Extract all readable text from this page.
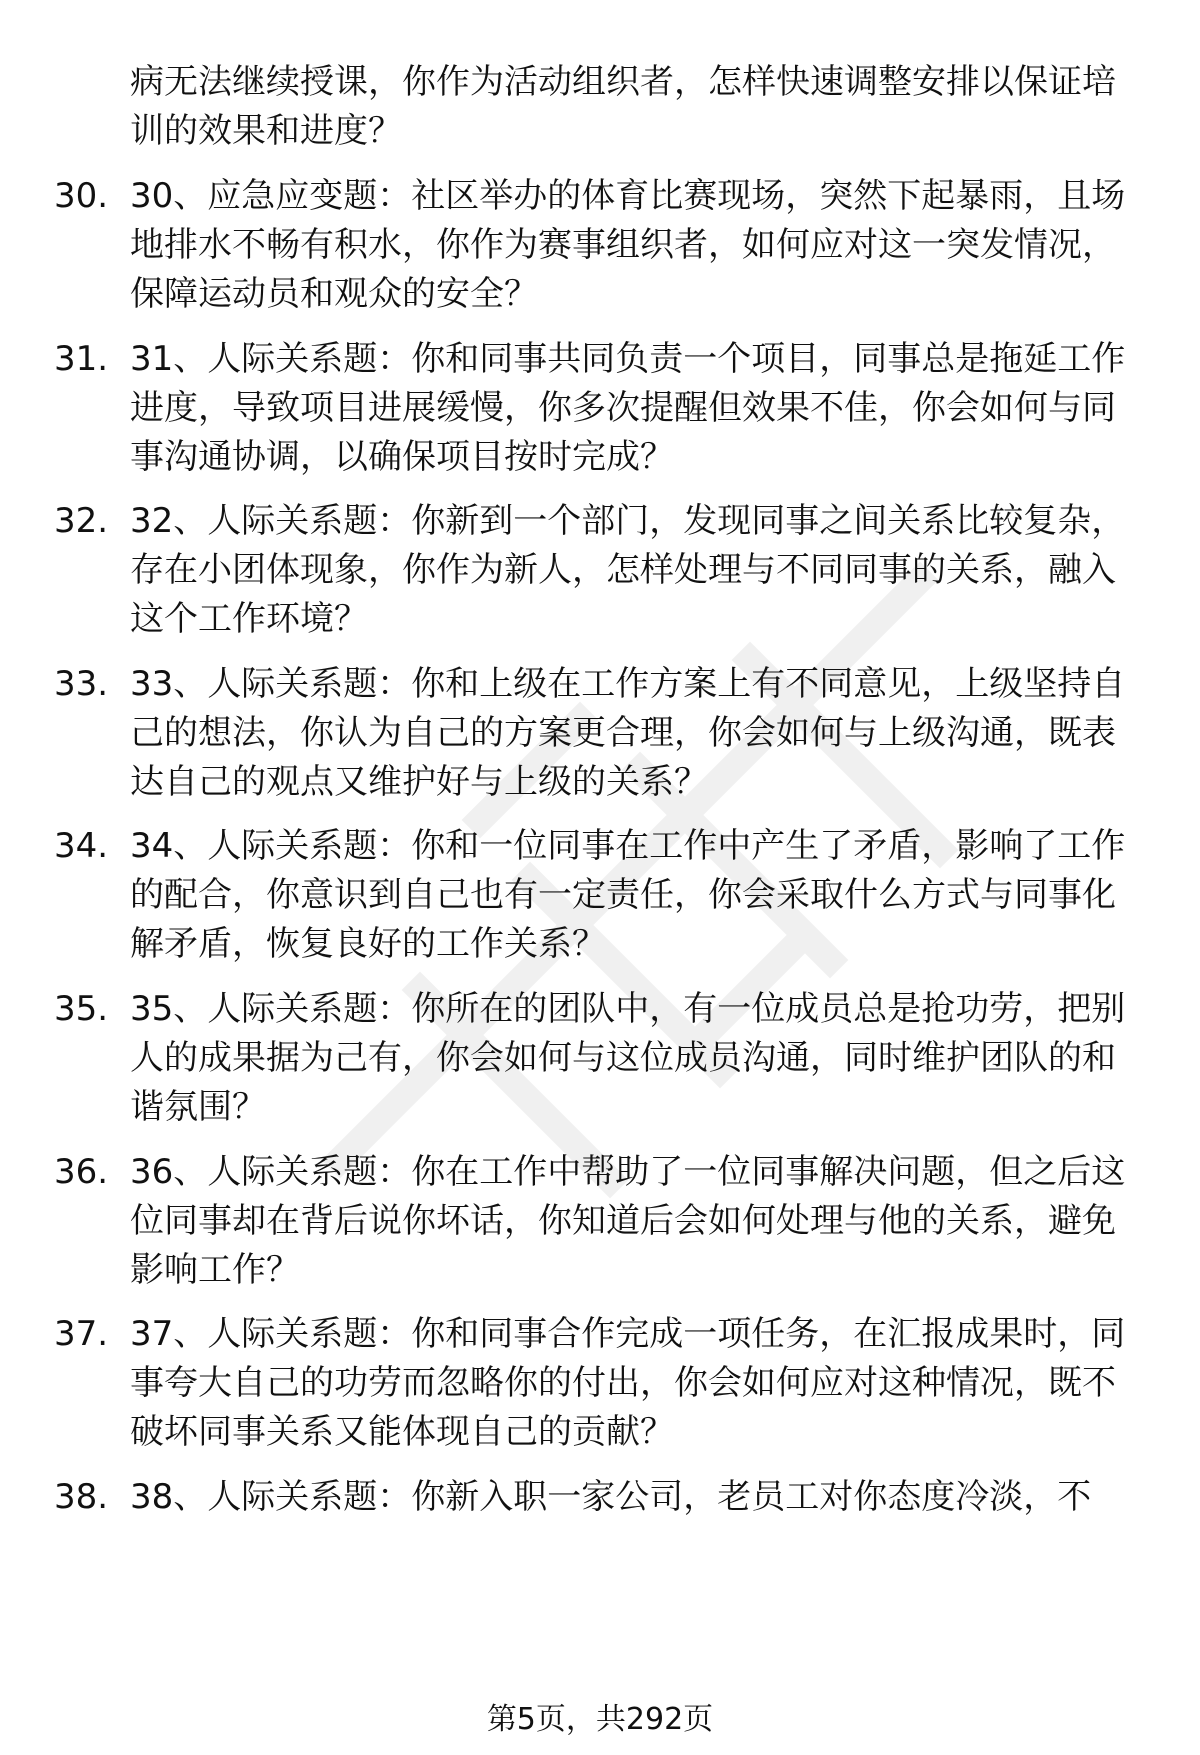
病无法继续授课，你作为活动组织者，怎样快速调整安排以保证培训的效果和进度？

30. 30、应急应变题：社区举办的体育比赛现场，突然下起暴雨，且场地排水不畅有积水，你作为赛事组织者，如何应对这一突发情况，保障运动员和观众的安全？

31. 31、人际关系题：你和同事共同负责一个项目，同事总是拖延工作进度，导致项目进展缓慢，你多次提醒但效果不佳，你会如何与同事沟通协调，以确保项目按时完成？

32. 32、人际关系题：你新到一个部门，发现同事之间关系比较复杂，存在小团体现象，你作为新人，怎样处理与不同同事的关系，融入这个工作环境？

33. 33、人际关系题：你和上级在工作方案上有不同意见，上级坚持自己的想法，你认为自己的方案更合理，你会如何与上级沟通，既表达自己的观点又维护好与上级的关系？

34. 34、人际关系题：你和一位同事在工作中产生了矛盾，影响了工作的配合，你意识到自己也有一定责任，你会采取什么方式与同事化解矛盾，恢复良好的工作关系？

35. 35、人际关系题：你所在的团队中，有一位成员总是抢功劳，把别人的成果据为己有，你会如何与这位成员沟通，同时维护团队的和谐氛围？

36. 36、人际关系题：你在工作中帮助了一位同事解决问题，但之后这位同事却在背后说你坏话，你知道后会如何处理与他的关系，避免影响工作？

37. 37、人际关系题：你和同事合作完成一项任务，在汇报成果时，同事夸大自己的功劳而忽略你的付出，你会如何应对这种情况，既不破坏同事关系又能体现自己的贡献？

38. 38、人际关系题：你新入职一家公司，老员工对你态度冷淡，不

第5页，共292页
